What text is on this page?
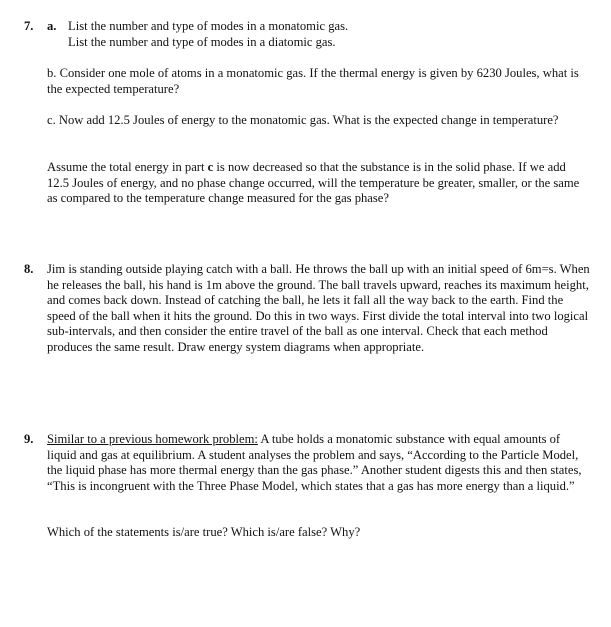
7. a. List the number and type of modes in a monatomic gas.
List the number and type of modes in a diatomic gas.

b. Consider one mole of atoms in a monatomic gas. If the thermal energy is given by 6230 Joules, what is the expected temperature?

c. Now add 12.5 Joules of energy to the monatomic gas. What is the expected change in temperature?

Assume the total energy in part c is now decreased so that the substance is in the solid phase. If we add 12.5 Joules of energy, and no phase change occurred, will the temperature be greater, smaller, or the same as compared to the temperature change measured for the gas phase?

8. Jim is standing outside playing catch with a ball. He throws the ball up with an initial speed of 6m=s. When he releases the ball, his hand is 1m above the ground. The ball travels upward, reaches its maximum height, and comes back down. Instead of catching the ball, he lets it fall all the way back to the earth. Find the speed of the ball when it hits the ground. Do this in two ways. First divide the total interval into two logical sub-intervals, and then consider the entire travel of the ball as one interval. Check that each method produces the same result. Draw energy system diagrams when appropriate.

9. Similar to a previous homework problem: A tube holds a monatomic substance with equal amounts of liquid and gas at equilibrium. A student analyses the problem and says, “According to the Particle Model, the liquid phase has more thermal energy than the gas phase.” Another student digests this and then states, “This is incongruent with the Three Phase Model, which states that a gas has more energy than a liquid.”

Which of the statements is/are true? Which is/are false? Why?
